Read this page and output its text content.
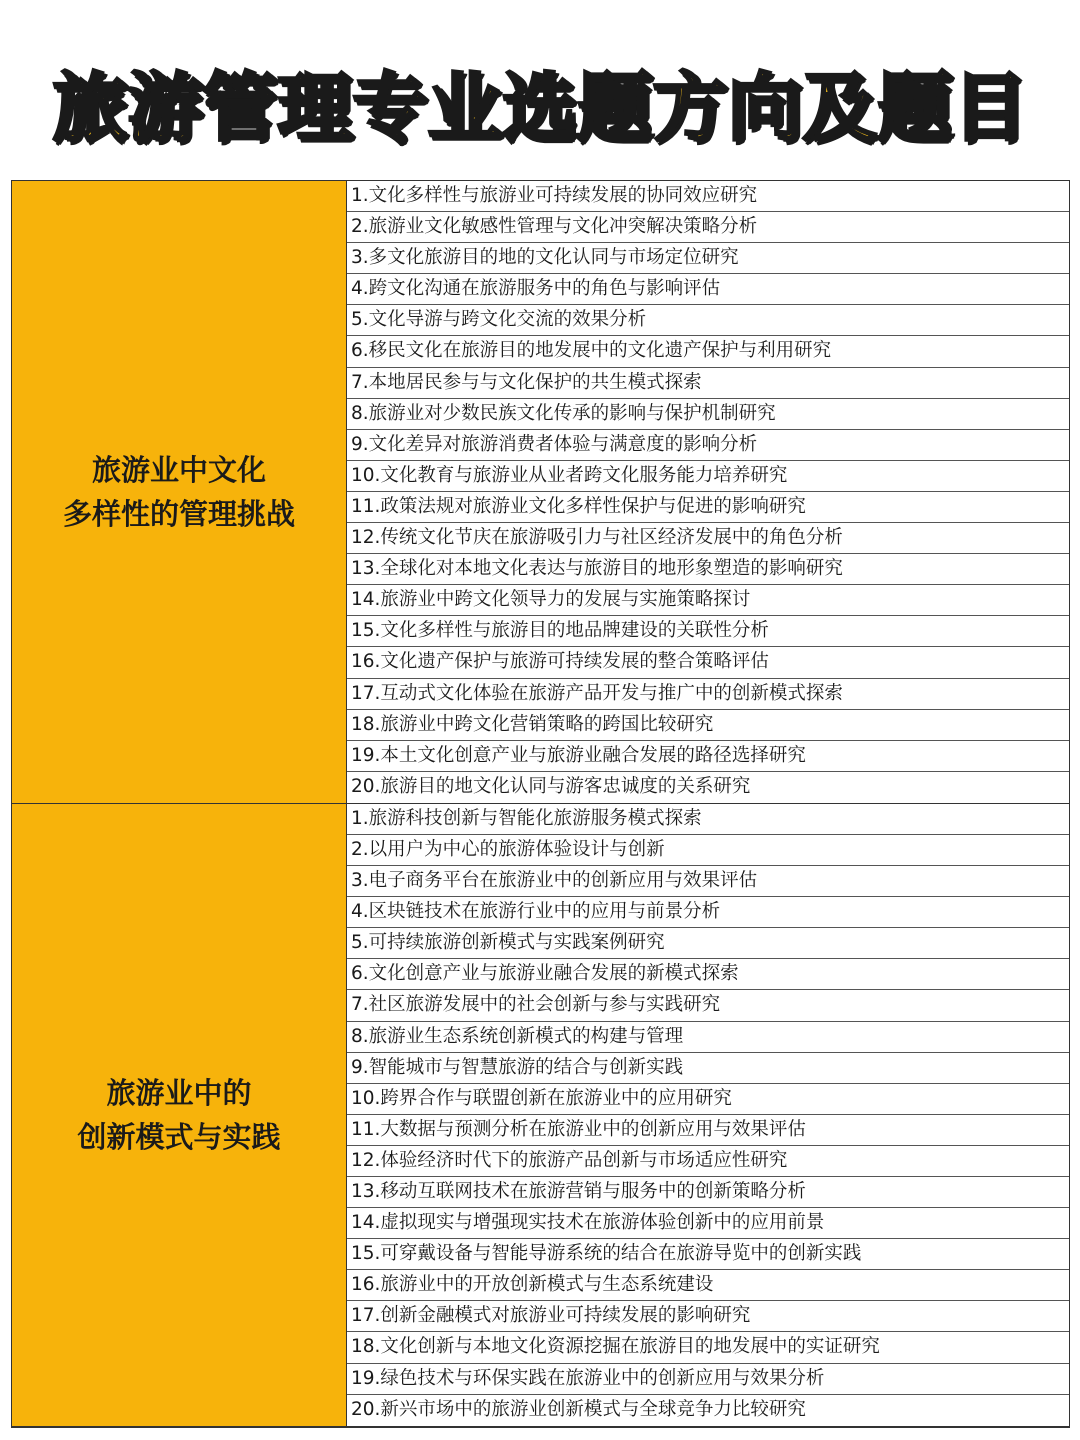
旅游管理专业选题方向及题目
旅游业中文化
多样性的管理挑战
1.文化多样性与旅游业可持续发展的协同效应研究
2.旅游业文化敏感性管理与文化冲突解决策略分析
3.多文化旅游目的地的文化认同与市场定位研究
4.跨文化沟通在旅游服务中的角色与影响评估
5.文化导游与跨文化交流的效果分析
6.移民文化在旅游目的地发展中的文化遗产保护与利用研究
7.本地居民参与与文化保护的共生模式探索
8.旅游业对少数民族文化传承的影响与保护机制研究
9.文化差异对旅游消费者体验与满意度的影响分析
10.文化教育与旅游业从业者跨文化服务能力培养研究
11.政策法规对旅游业文化多样性保护与促进的影响研究
12.传统文化节庆在旅游吸引力与社区经济发展中的角色分析
13.全球化对本地文化表达与旅游目的地形象塑造的影响研究
14.旅游业中跨文化领导力的发展与实施策略探讨
15.文化多样性与旅游目的地品牌建设的关联性分析
16.文化遗产保护与旅游可持续发展的整合策略评估
17.互动式文化体验在旅游产品开发与推广中的创新模式探索
18.旅游业中跨文化营销策略的跨国比较研究
19.本土文化创意产业与旅游业融合发展的路径选择研究
20.旅游目的地文化认同与游客忠诚度的关系研究
旅游业中的
创新模式与实践
1.旅游科技创新与智能化旅游服务模式探索
2.以用户为中心的旅游体验设计与创新
3.电子商务平台在旅游业中的创新应用与效果评估
4.区块链技术在旅游行业中的应用与前景分析
5.可持续旅游创新模式与实践案例研究
6.文化创意产业与旅游业融合发展的新模式探索
7.社区旅游发展中的社会创新与参与实践研究
8.旅游业生态系统创新模式的构建与管理
9.智能城市与智慧旅游的结合与创新实践
10.跨界合作与联盟创新在旅游业中的应用研究
11.大数据与预测分析在旅游业中的创新应用与效果评估
12.体验经济时代下的旅游产品创新与市场适应性研究
13.移动互联网技术在旅游营销与服务中的创新策略分析
14.虚拟现实与增强现实技术在旅游体验创新中的应用前景
15.可穿戴设备与智能导游系统的结合在旅游导览中的创新实践
16.旅游业中的开放创新模式与生态系统建设
17.创新金融模式对旅游业可持续发展的影响研究
18.文化创新与本地文化资源挖掘在旅游目的地发展中的实证研究
19.绿色技术与环保实践在旅游业中的创新应用与效果分析
20.新兴市场中的旅游业创新模式与全球竞争力比较研究
